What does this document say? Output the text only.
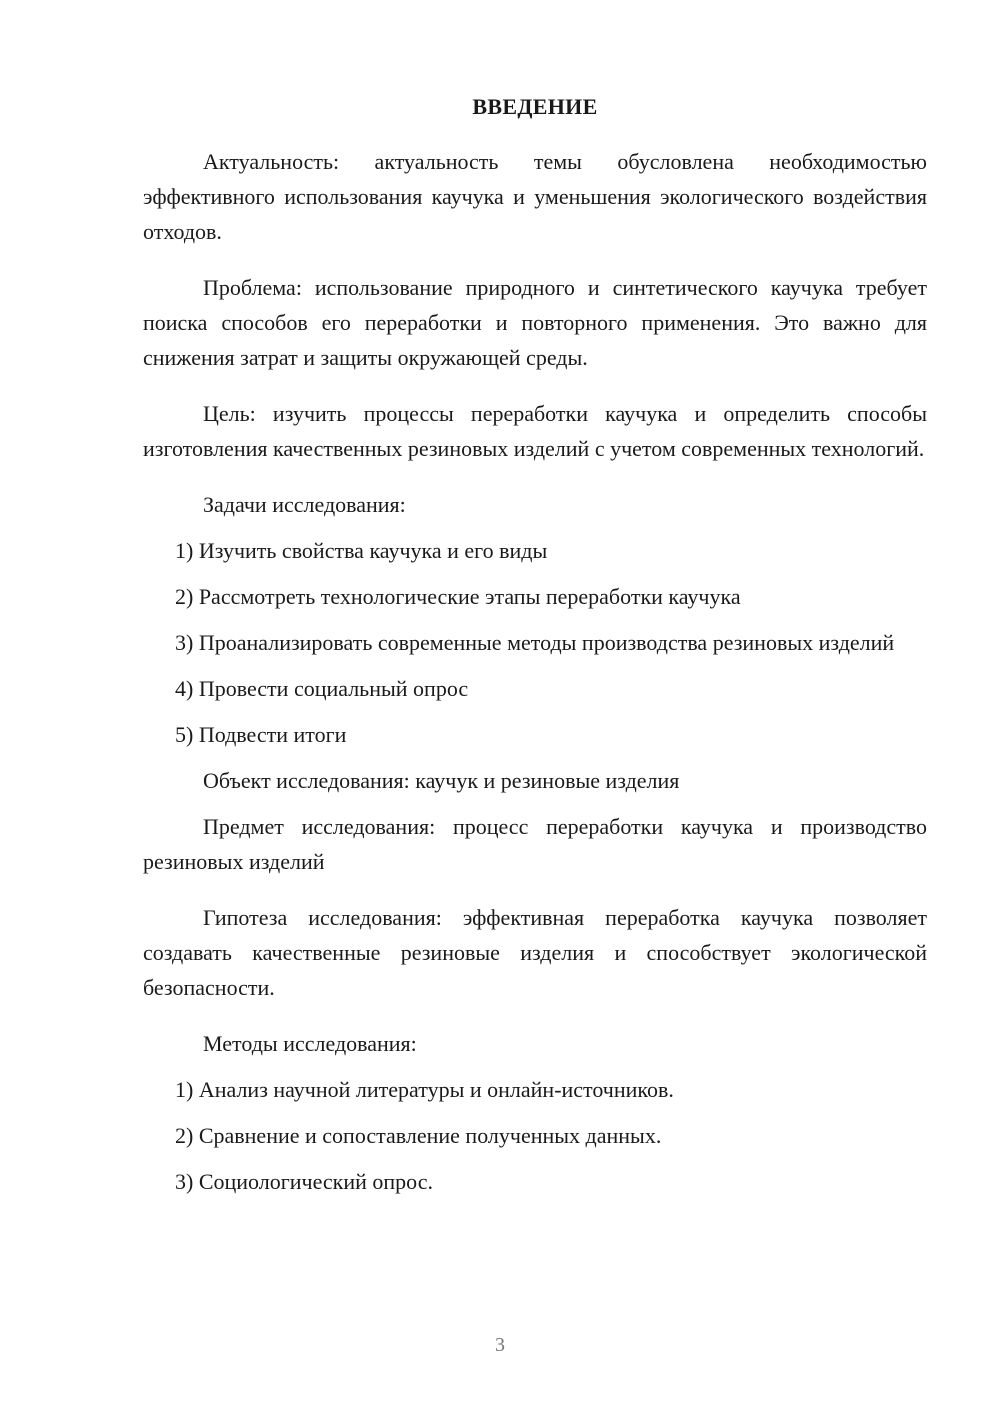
ВВЕДЕНИЕ

Актуальность: актуальность темы обусловлена необходимостью эффективного использования каучука и уменьшения экологического воздействия отходов.

Проблема: использование природного и синтетического каучука требует поиска способов его переработки и повторного применения. Это важно для снижения затрат и защиты окружающей среды.

Цель: изучить процессы переработки каучука и определить способы изготовления качественных резиновых изделий с учетом современных технологий.

Задачи исследования:

1) Изучить свойства каучука и его виды

2) Рассмотреть технологические этапы переработки каучука

3) Проанализировать современные методы производства резиновых изделий

4) Провести социальный опрос

5) Подвести итоги

Объект исследования: каучук и резиновые изделия

Предмет исследования: процесс переработки каучука и производство резиновых изделий

Гипотеза исследования: эффективная переработка каучука позволяет создавать качественные резиновые изделия и способствует экологической безопасности.

Методы исследования:

1) Анализ научной литературы и онлайн-источников.

2) Сравнение и сопоставление полученных данных.

3) Социологический опрос.

3
